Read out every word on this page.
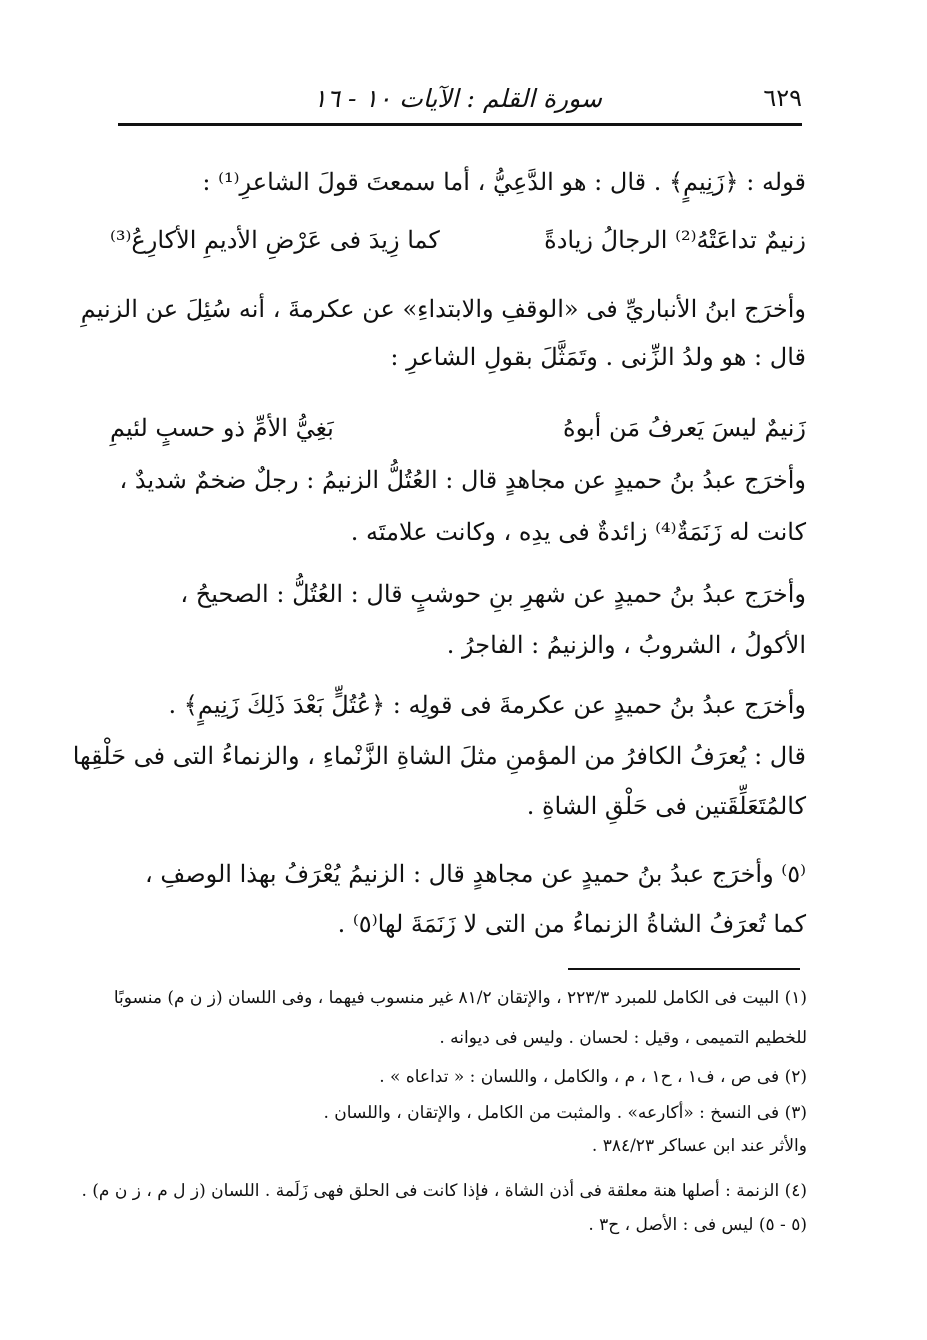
سورة القلم : الآيات ١٠ - ١٦	٦٢٩
قوله : ﴿زَنِيمٍ﴾ . قال : هو الدَّعِيُّ ، أما سمعتَ قولَ الشاعرِ⁽¹⁾ :
زنيمٌ تداعَتْهُ⁽²⁾ الرجالُ زيادةً
كما زِيدَ فى عَرْضِ الأديمِ الأكارِعُ⁽³⁾
وأخرَج ابنُ الأنباريِّ فى «الوقفِ والابتداءِ» عن عكرمةَ ، أنه سُئِلَ عن الزنيمِ
قال : هو ولدُ الزِّنى . وتَمَثَّلَ بقولِ الشاعرِ :
زَنيمٌ ليسَ يَعرفُ مَن أبوهُ
بَغِيُّ الأمِّ ذو حسبٍ لئيمِ
وأخرَج عبدُ بنُ حميدٍ عن مجاهدٍ قال : العُتُلُّ الزنيمُ : رجلٌ ضخمٌ شديدٌ ،
كانت له زَنَمَةٌ⁽⁴⁾ زائدةٌ فى يدِه ، وكانت علامتَه .
وأخرَج عبدُ بنُ حميدٍ عن شهرِ بنِ حوشبٍ قال : العُتُلُّ : الصحيحُ ،
الأكولُ ، الشروبُ ، والزنيمُ : الفاجرُ .
وأخرَج عبدُ بنُ حميدٍ عن عكرمةَ فى قولِه : ﴿عُتُلٍّ بَعْدَ ذَلِكَ زَنِيمٍ﴾ .
قال : يُعرَفُ الكافرُ من المؤمنِ مثلَ الشاةِ الزَّنْماءِ ، والزنماءُ التى فى حَلْقِها
كالمُتَعَلِّقَتين فى حَلْقِ الشاةِ .
⁽٥⁾ وأخرَج عبدُ بنُ حميدٍ عن مجاهدٍ قال : الزنيمُ يُعْرَفُ بهذا الوصفِ ،
كما تُعرَفُ الشاةُ الزنماءُ من التى لا زَنَمَةَ لها⁽٥⁾ .
(١) البيت فى الكامل للمبرد ٢٢٣/٣ ، والإتقان ٨١/٢ غير منسوب فيهما ، وفى اللسان (ز ن م) منسوبًا
للخطيم التميمى ، وقيل : لحسان . وليس فى ديوانه .
(٢) فى ص ، ف١ ، ح١ ، م ، والكامل ، واللسان : « تداعاه » .
(٣) فى النسخ : «أكارعه» . والمثبت من الكامل ، والإتقان ، واللسان .
والأثر عند ابن عساكر ٣٨٤/٢٣ .
(٤) الزنمة : أصلها هنة معلقة فى أذن الشاة ، فإذا كانت فى الحلق فهى زَلَمة . اللسان (ز ل م ، ز ن م) .
(٥ - ٥) ليس فى : الأصل ، ح٣ .
